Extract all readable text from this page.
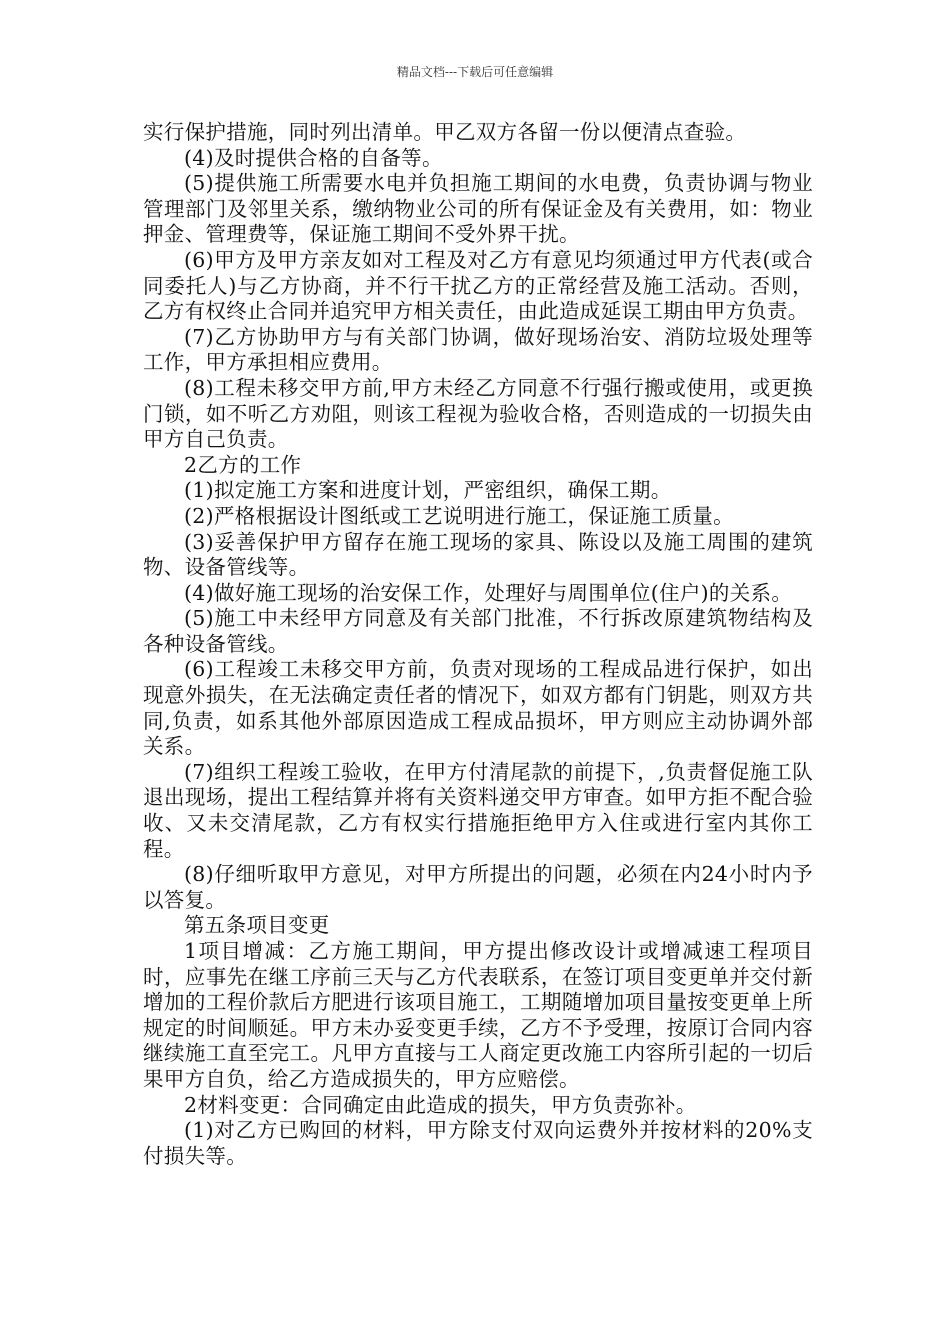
精品文档---下载后可任意编辑

实行保护措施，同时列出清单。甲乙双方各留一份以便清点查验。

(4)及时提供合格的自备等。

(5)提供施工所需要水电并负担施工期间的水电费，负责协调与物业管理部门及邻里关系，缴纳物业公司的所有保证金及有关费用，如：物业押金、管理费等，保证施工期间不受外界干扰。

(6)甲方及甲方亲友如对工程及对乙方有意见均须通过甲方代表(或合同委托人)与乙方协商，并不行干扰乙方的正常经营及施工活动。否则，乙方有权终止合同并追究甲方相关责任，由此造成延误工期由甲方负责。

(7)乙方协助甲方与有关部门协调，做好现场治安、消防垃圾处理等工作，甲方承担相应费用。

(8)工程未移交甲方前,甲方未经乙方同意不行强行搬或使用，或更换门锁，如不听乙方劝阻，则该工程视为验收合格，否则造成的一切损失由甲方自己负责。

2乙方的工作

(1)拟定施工方案和进度计划，严密组织，确保工期。

(2)严格根据设计图纸或工艺说明进行施工，保证施工质量。

(3)妥善保护甲方留存在施工现场的家具、陈设以及施工周围的建筑物、设备管线等。

(4)做好施工现场的治安保工作，处理好与周围单位(住户)的关系。

(5)施工中未经甲方同意及有关部门批准，不行拆改原建筑物结构及各种设备管线。

(6)工程竣工未移交甲方前，负责对现场的工程成品进行保护，如出现意外损失，在无法确定责任者的情况下，如双方都有门钥匙，则双方共同,负责，如系其他外部原因造成工程成品损坏，甲方则应主动协调外部关系。

(7)组织工程竣工验收，在甲方付清尾款的前提下，,负责督促施工队退出现场，提出工程结算并将有关资料递交甲方审查。如甲方拒不配合验收、又未交清尾款，乙方有权实行措施拒绝甲方入住或进行室内其你工程。

(8)仔细听取甲方意见，对甲方所提出的问题，必须在内24小时内予以答复。

第五条项目变更

1项目增减：乙方施工期间，甲方提出修改设计或增减速工程项目时，应事先在继工序前三天与乙方代表联系，在签订项目变更单并交付新增加的工程价款后方肥进行该项目施工，工期随增加项目量按变更单上所规定的时间顺延。甲方未办妥变更手续，乙方不予受理，按原订合同内容继续施工直至完工。凡甲方直接与工人商定更改施工内容所引起的一切后果甲方自负，给乙方造成损失的，甲方应赔偿。

2材料变更：合同确定由此造成的损失，甲方负责弥补。

(1)对乙方已购回的材料，甲方除支付双向运费外并按材料的20%支付损失等。
